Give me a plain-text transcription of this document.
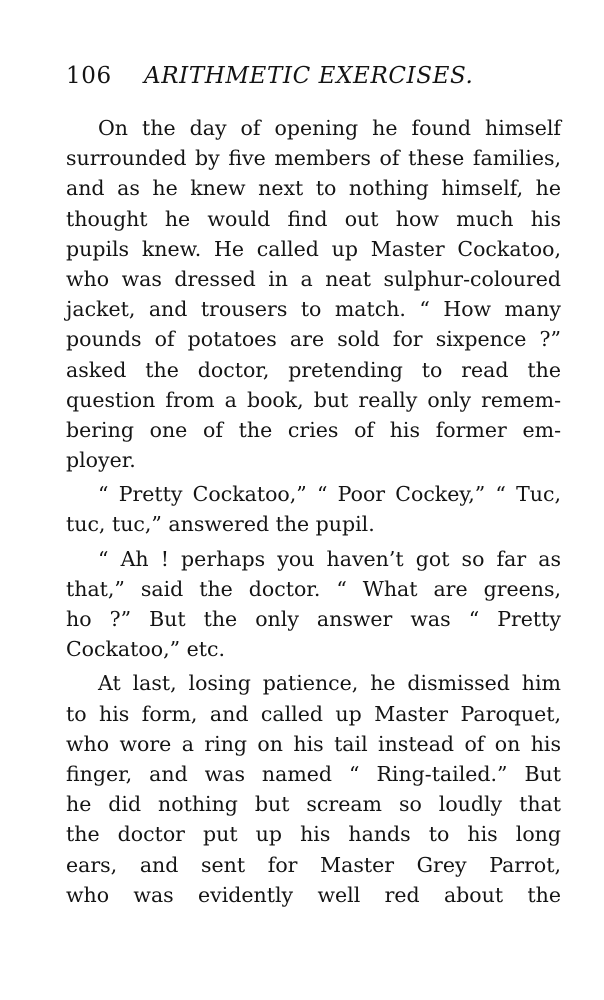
106 ARITHMETIC EXERCISES.
On the day of opening he found himself
surrounded by five members of these families,
and as he knew next to nothing himself, he
thought he would find out how much his
pupils knew. He called up Master Cockatoo,
who was dressed in a neat sulphur-coloured
jacket, and trousers to match. “ How many
pounds of potatoes are sold for sixpence ?”
asked the doctor, pretending to read the
question from a book, but really only remem-
bering one of the cries of his former em-
ployer.
“ Pretty Cockatoo,” “ Poor Cockey,” “ Tuc,
tuc, tuc,” answered the pupil.
“ Ah ! perhaps you haven’t got so far as
that,” said the doctor. “ What are greens,
ho ?” But the only answer was “ Pretty
Cockatoo,” etc.
At last, losing patience, he dismissed him
to his form, and called up Master Paroquet,
who wore a ring on his tail instead of on his
finger, and was named “ Ring-tailed.” But
he did nothing but scream so loudly that
the doctor put up his hands to his long
ears, and sent for Master Grey Parrot,
who was evidently well red about the
